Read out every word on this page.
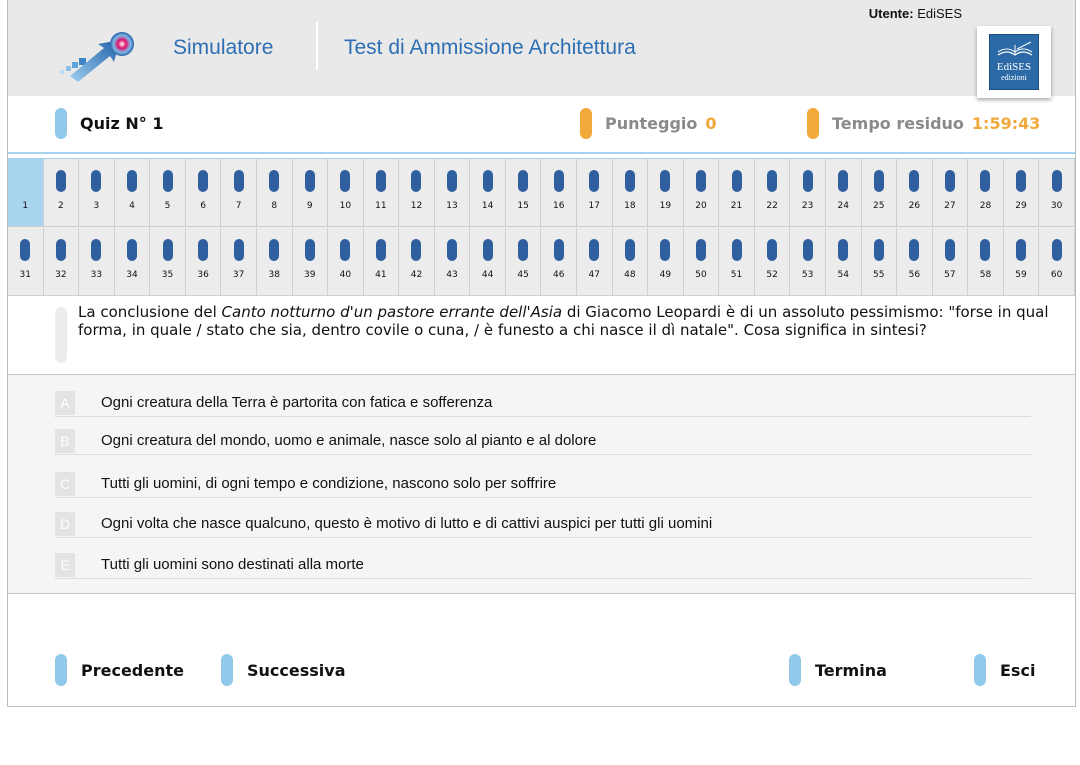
Simulatore	Test di Ammissione Architettura
Utente: EdiSES
EdiSES
edizioni
Quiz N° 1	Punteggio 0	Tempo residuo 1:59:43
1	2	3	4	5	6	7	8	9	10	11	12	13	14	15	16	17	18	19	20	21	22	23	24	25	26	27	28	29	30
31	32	33	34	35	36	37	38	39	40	41	42	43	44	45	46	47	48	49	50	51	52	53	54	55	56	57	58	59	60
La conclusione del Canto notturno d'un pastore errante dell'Asia di Giacomo Leopardi è di un assoluto pessimismo: "forse in qual forma, in quale / stato che sia, dentro covile o cuna, / è funesto a chi nasce il dì natale". Cosa significa in sintesi?
A	Ogni creatura della Terra è partorita con fatica e sofferenza
B	Ogni creatura del mondo, uomo e animale, nasce solo al pianto e al dolore
C	Tutti gli uomini, di ogni tempo e condizione, nascono solo per soffrire
D	Ogni volta che nasce qualcuno, questo è motivo di lutto e di cattivi auspici per tutti gli uomini
E	Tutti gli uomini sono destinati alla morte
Precedente	Successiva	Termina	Esci
